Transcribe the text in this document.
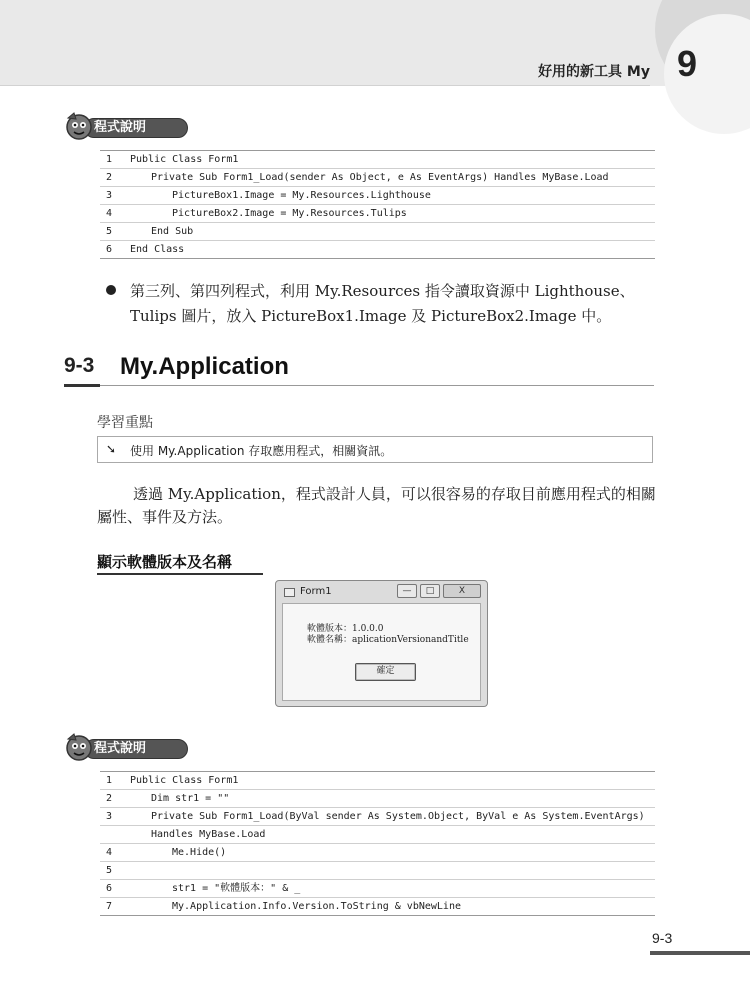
好用的新工具 My 9
程式說明
1	Public Class Form1
2	Private Sub Form1_Load(sender As Object, e As EventArgs) Handles MyBase.Load
3	PictureBox1.Image = My.Resources.Lighthouse
4	PictureBox2.Image = My.Resources.Tulips
5	End Sub
6	End Class
第三列、第四列程式，利用 My.Resources 指令讀取資源中 Lighthouse、Tulips 圖片，放入 PictureBox1.Image 及 PictureBox2.Image 中。
9-3 My.Application
學習重點
➘ 使用 My.Application 存取應用程式，相關資訊。
透過 My.Application，程式設計人員，可以很容易的存取目前應用程式的相關屬性、事件及方法。
顯示軟體版本及名稱
Form1	—	□	X
軟體版本：1.0.0.0
軟體名稱：aplicationVersionandTitle
確定
程式說明
1	Public Class Form1
2	Dim str1 = ""
3	Private Sub Form1_Load(ByVal sender As System.Object, ByVal e As System.EventArgs)
Handles MyBase.Load
4	Me.Hide()
5
6	str1 = "軟體版本：" & _
7	My.Application.Info.Version.ToString & vbNewLine
9-3
